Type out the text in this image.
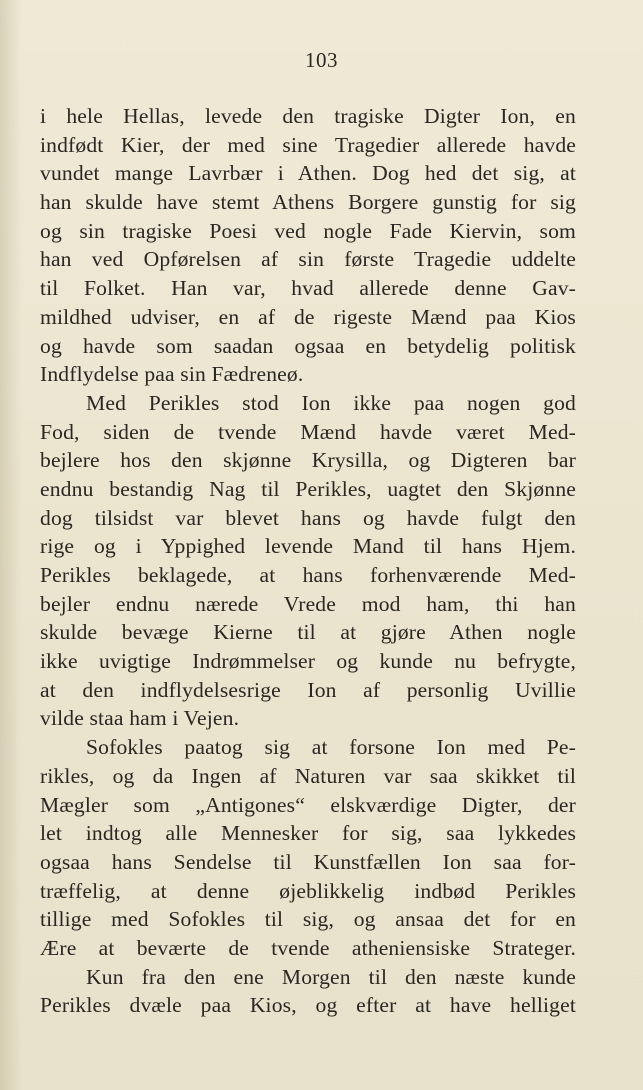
103
i hele Hellas, levede den tragiske Digter Ion, en
indfødt Kier, der med sine Tragedier allerede havde
vundet mange Lavrbær i Athen. Dog hed det sig, at
han skulde have stemt Athens Borgere gunstig for sig
og sin tragiske Poesi ved nogle Fade Kiervin, som
han ved Opførelsen af sin første Tragedie uddelte
til Folket. Han var, hvad allerede denne Gav-
mildhed udviser, en af de rigeste Mænd paa Kios
og havde som saadan ogsaa en betydelig politisk
Indflydelse paa sin Fædreneø.
Med Perikles stod Ion ikke paa nogen god
Fod, siden de tvende Mænd havde været Med-
bejlere hos den skjønne Krysilla, og Digteren bar
endnu bestandig Nag til Perikles, uagtet den Skjønne
dog tilsidst var blevet hans og havde fulgt den
rige og i Yppighed levende Mand til hans Hjem.
Perikles beklagede, at hans forhenværende Med-
bejler endnu nærede Vrede mod ham, thi han
skulde bevæge Kierne til at gjøre Athen nogle
ikke uvigtige Indrømmelser og kunde nu befrygte,
at den indflydelsesrige Ion af personlig Uvillie
vilde staa ham i Vejen.
Sofokles paatog sig at forsone Ion med Pe-
rikles, og da Ingen af Naturen var saa skikket til
Mægler som „Antigones“ elskværdige Digter, der
let indtog alle Mennesker for sig, saa lykkedes
ogsaa hans Sendelse til Kunstfællen Ion saa for-
træffelig, at denne øjeblikkelig indbød Perikles
tillige med Sofokles til sig, og ansaa det for en
Ære at beværte de tvende atheniensiske Strateger.
Kun fra den ene Morgen til den næste kunde
Perikles dvæle paa Kios, og efter at have helliget
